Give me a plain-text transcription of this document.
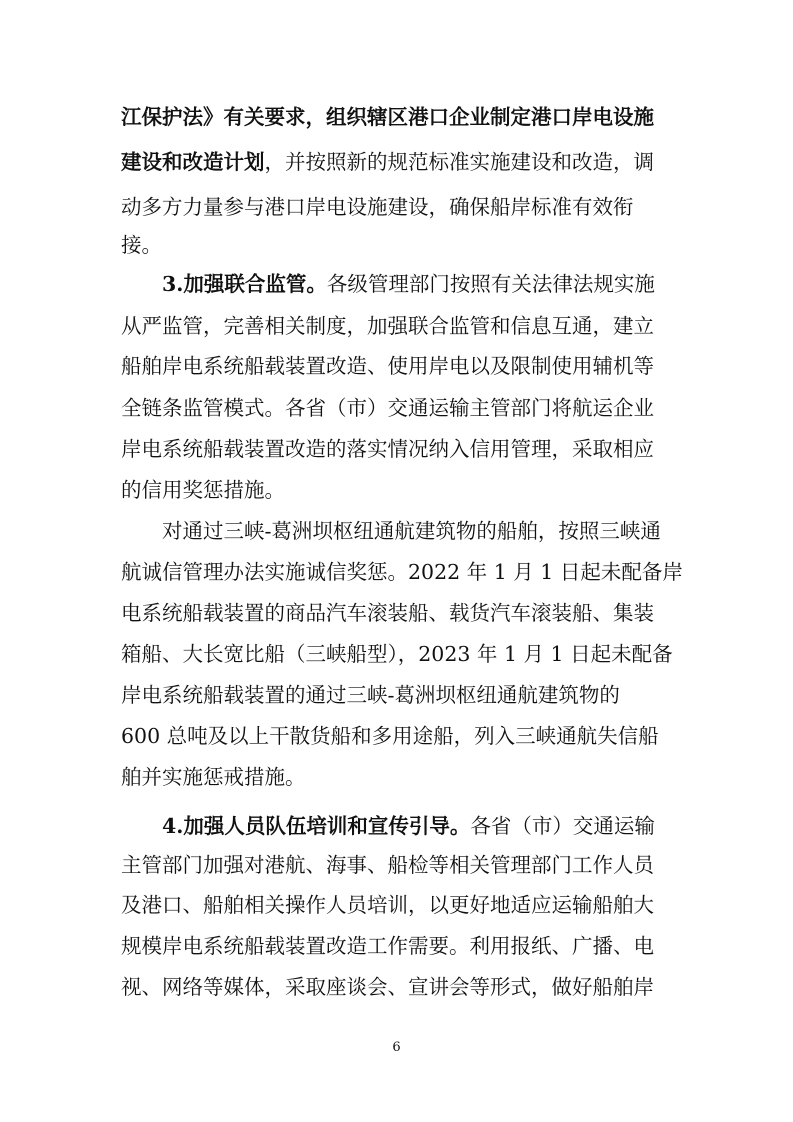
江保护法》有关要求，组织辖区港口企业制定港口岸电设施
建设和改造计划，并按照新的规范标准实施建设和改造，调
动多方力量参与港口岸电设施建设，确保船岸标准有效衔
接。
3.加强联合监管。各级管理部门按照有关法律法规实施
从严监管，完善相关制度，加强联合监管和信息互通，建立
船舶岸电系统船载装置改造、使用岸电以及限制使用辅机等
全链条监管模式。各省（市）交通运输主管部门将航运企业
岸电系统船载装置改造的落实情况纳入信用管理，采取相应
的信用奖惩措施。
对通过三峡-葛洲坝枢纽通航建筑物的船舶，按照三峡通
航诚信管理办法实施诚信奖惩。2022 年 1 月 1 日起未配备岸
电系统船载装置的商品汽车滚装船、载货汽车滚装船、集装
箱船、大长宽比船（三峡船型），2023 年 1 月 1 日起未配备
岸电系统船载装置的通过三峡-葛洲坝枢纽通航建筑物的
600 总吨及以上干散货船和多用途船，列入三峡通航失信船
舶并实施惩戒措施。
4.加强人员队伍培训和宣传引导。各省（市）交通运输
主管部门加强对港航、海事、船检等相关管理部门工作人员
及港口、船舶相关操作人员培训，以更好地适应运输船舶大
规模岸电系统船载装置改造工作需要。利用报纸、广播、电
视、网络等媒体，采取座谈会、宣讲会等形式，做好船舶岸
6
